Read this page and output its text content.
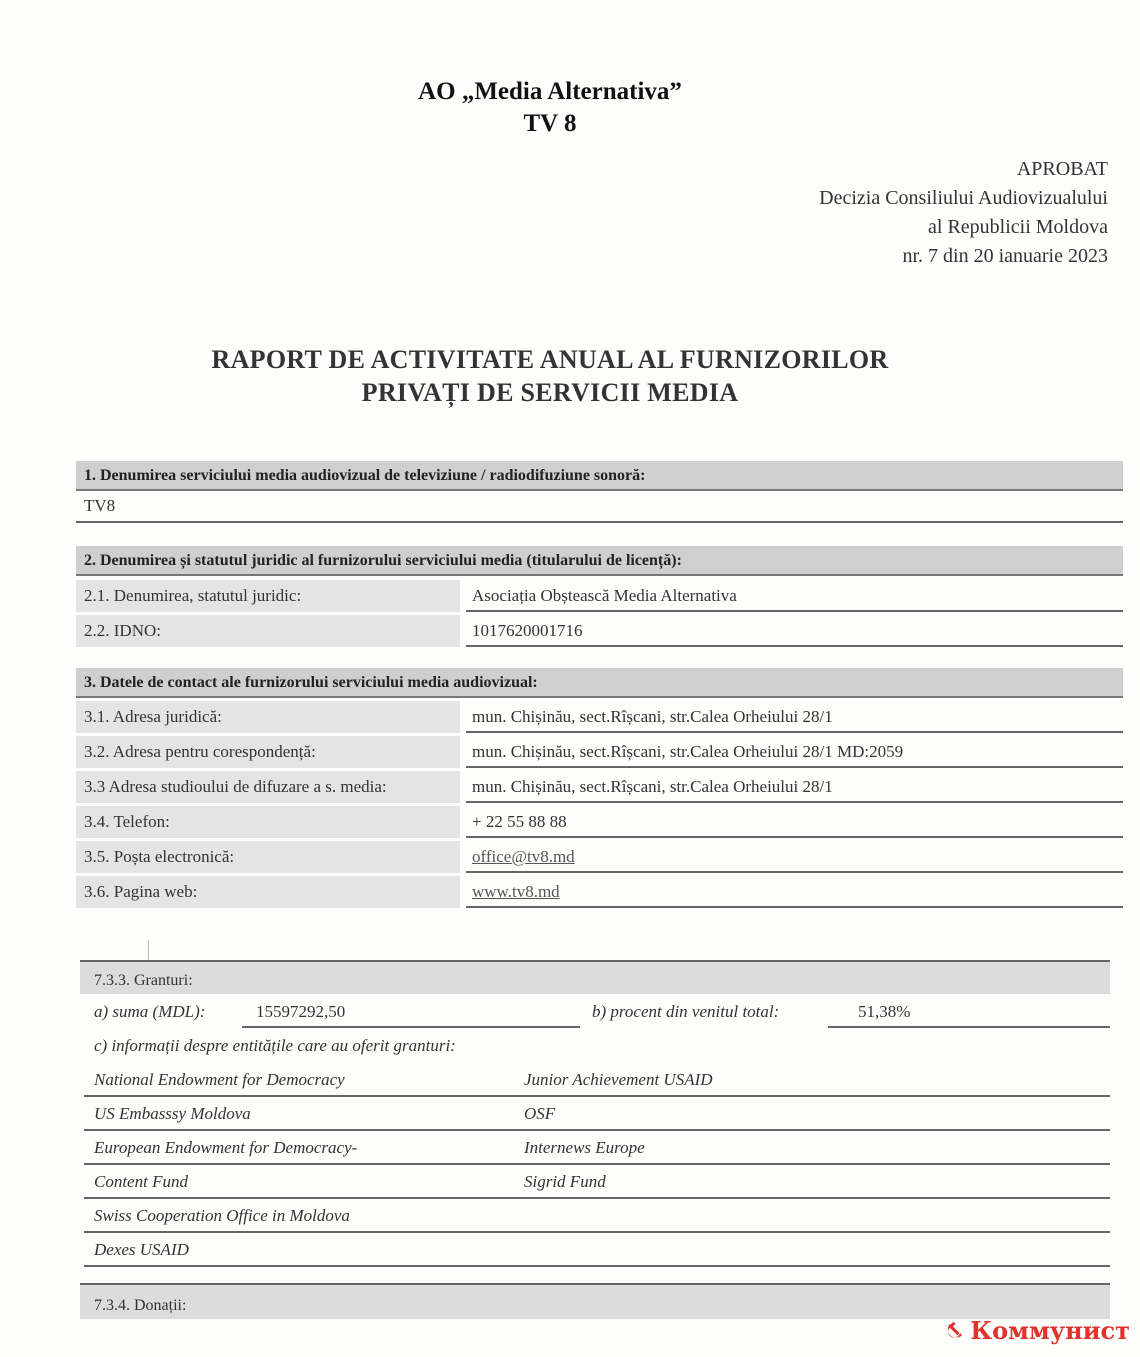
AO „Media Alternativa”
TV 8
APROBAT
Decizia Consiliului Audiovizualului
al Republicii Moldova
nr. 7 din 20 ianuarie 2023
RAPORT DE ACTIVITATE ANUAL AL FURNIZORILOR
PRIVAȚI DE SERVICII MEDIA
1. Denumirea serviciului media audiovizual de televiziune / radiodifuziune sonoră:
TV8
2. Denumirea și statutul juridic al furnizorului serviciului media (titularului de licență):
2.1. Denumirea, statutul juridic:	Asociația Obștească Media Alternativa
2.2. IDNO:	1017620001716
3. Datele de contact ale furnizorului serviciului media audiovizual:
3.1. Adresa juridică:	mun. Chișinău, sect.Rîșcani, str.Calea Orheiului 28/1
3.2. Adresa pentru corespondență:	mun. Chișinău, sect.Rîșcani, str.Calea Orheiului 28/1 MD:2059
3.3 Adresa studioului de difuzare a s. media:	mun. Chișinău, sect.Rîșcani, str.Calea Orheiului 28/1
3.4. Telefon:	+ 22 55 88 88
3.5. Poșta electronică:	office@tv8.md
3.6. Pagina web:	www.tv8.md
7.3.3. Granturi:
a) suma (MDL):	15597292,50	b) procent din venitul total:	51,38%
c) informații despre entitățile care au oferit granturi:
National Endowment for Democracy	Junior Achievement USAID
US Embasssy Moldova	OSF
European Endowment for Democracy-	Internews Europe
Content Fund	Sigrid Fund
Swiss Cooperation Office in Moldova
Dexes USAID
7.3.4. Donații:
Коммунист
